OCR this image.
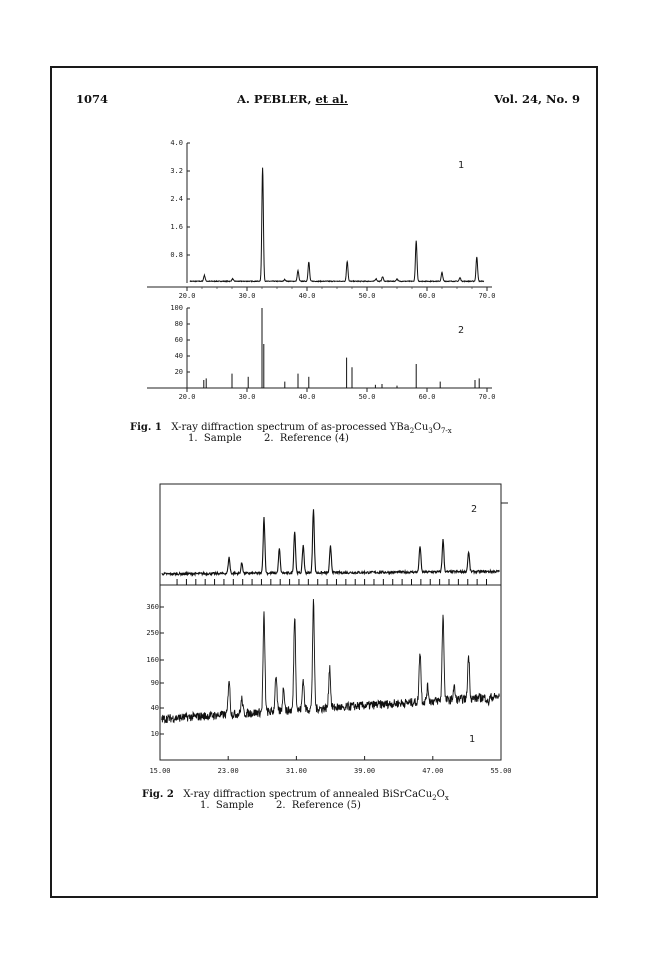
1074	A. PEBLER, et al.	Vol. 24, No. 9
4.0
3.2
2.4
1.6
0.8
20.0	30.0	40.0	50.0	60.0	70.0
1
100
80
60
40
20
20.0	30.0	40.0	50.0	60.0	70.0
2
2
360
250
160
90
40
10
15.00	23.00	31.00	39.00	47.00	55.00
1
Fig. 1 X-ray diffraction spectrum of as-processed $YBa_2Cu_3O_{7-x}$
1.  Sample       2.  Reference (4)
Fig. 2 X-ray diffraction spectrum of annealed $BiSrCaCu_2O_x$
1.  Sample       2.  Reference (5)
